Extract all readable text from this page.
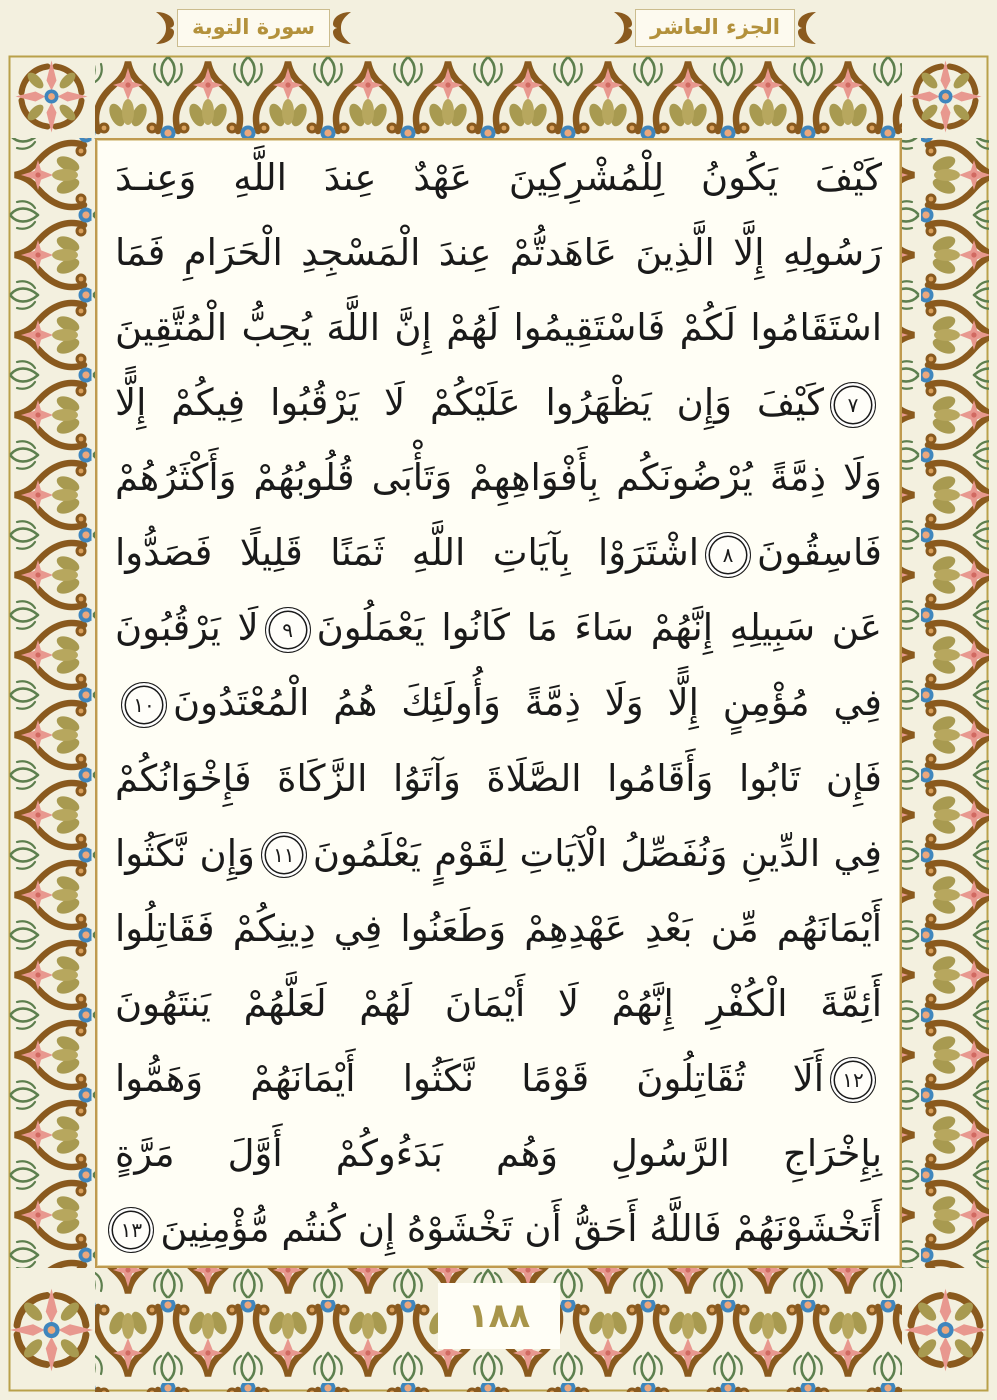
الجزء العاشر
سورة التوبة
كَيْفَ يَكُونُ لِلْمُشْرِكِينَ عَهْدٌ عِندَ اللَّهِ وَعِنـدَ
رَسُولِهِ إِلَّا الَّذِينَ عَاهَدتُّمْ عِندَ الْمَسْجِدِ الْحَرَامِ فَمَا
اسْتَقَامُوا لَكُمْ فَاسْتَقِيمُوا لَهُمْ إِنَّ اللَّهَ يُحِبُّ الْمُتَّقِينَ
٧كَيْفَ وَإِن يَظْهَرُوا عَلَيْكُمْ لَا يَرْقُبُوا فِيكُمْ إِلًّا
وَلَا ذِمَّةً يُرْضُونَكُم بِأَفْوَاهِهِمْ وَتَأْبَى قُلُوبُهُمْ وَأَكْثَرُهُمْ
فَاسِقُونَ٨اشْتَرَوْا بِآيَاتِ اللَّهِ ثَمَنًا قَلِيلًا فَصَدُّوا
عَن سَبِيلِهِ إِنَّهُمْ سَاءَ مَا كَانُوا يَعْمَلُونَ٩لَا يَرْقُبُونَ
فِي مُؤْمِنٍ إِلًّا وَلَا ذِمَّةً وَأُولَئِكَ هُمُ الْمُعْتَدُونَ١٠
فَإِن تَابُوا وَأَقَامُوا الصَّلَاةَ وَآتَوُا الزَّكَاةَ فَإِخْوَانُكُمْ
فِي الدِّينِ وَنُفَصِّلُ الْآيَاتِ لِقَوْمٍ يَعْلَمُونَ١١وَإِن نَّكَثُوا
أَيْمَانَهُم مِّن بَعْدِ عَهْدِهِمْ وَطَعَنُوا فِي دِينِكُمْ فَقَاتِلُوا
أَئِمَّةَ الْكُفْرِ إِنَّهُمْ لَا أَيْمَانَ لَهُمْ لَعَلَّهُمْ يَنتَهُونَ
١٢أَلَا تُقَاتِلُونَ قَوْمًا نَّكَثُوا أَيْمَانَهُمْ وَهَمُّوا
بِإِخْرَاجِ الرَّسُولِ وَهُم بَدَءُوكُمْ أَوَّلَ مَرَّةٍ
أَتَخْشَوْنَهُمْ فَاللَّهُ أَحَقُّ أَن تَخْشَوْهُ إِن كُنتُم مُّؤْمِنِينَ١٣
١٨٨
